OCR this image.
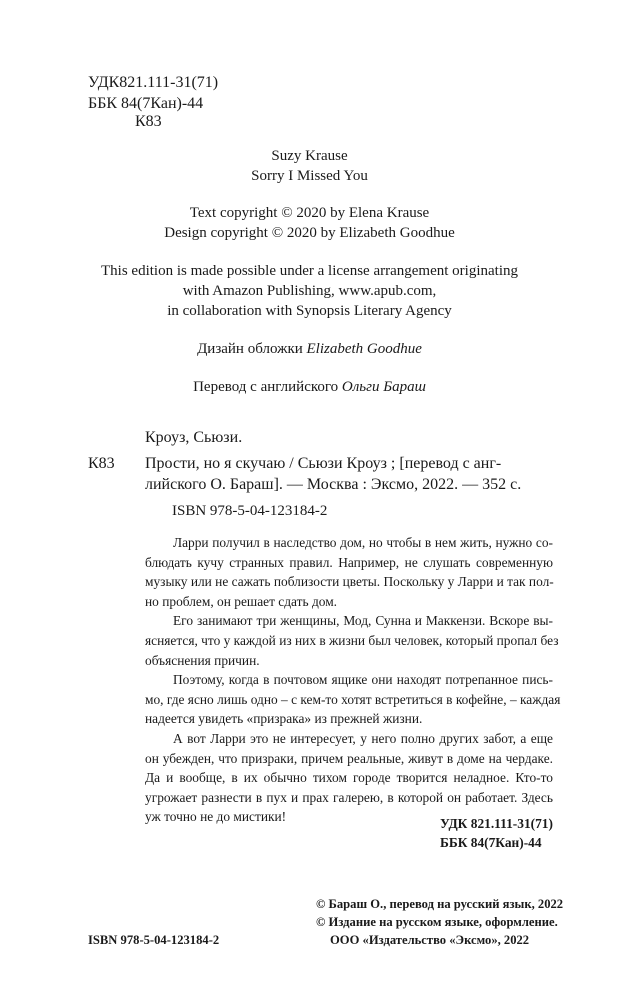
УДК821.111-31(71)
ББК 84(7Кан)-44
К83
Suzy Krause
Sorry I Missed You
Text copyright © 2020 by Elena Krause
Design copyright © 2020 by Elizabeth Goodhue
This edition is made possible under a license arrangement originating
with Amazon Publishing, www.apub.com,
in collaboration with Synopsis Literary Agency
Дизайн обложки Elizabeth Goodhue
Перевод с английского Ольги Бараш
Кроуз, Сьюзи.
К83 Прости, но я скучаю / Сьюзи Кроуз ; [перевод с анг-
лийского О. Бараш]. — Москва : Эксмо, 2022. — 352 с.
ISBN 978-5-04-123184-2

Ларри получил в наследство дом, но чтобы в нем жить, нужно со- блюдать кучу странных правил. Например, не слушать современную музыку или не сажать поблизости цветы. Поскольку у Ларри и так пол- но проблем, он решает сдать дом.

Его занимают три женщины, Мод, Сунна и Маккензи. Вскоре вы- ясняется, что у каждой из них в жизни был человек, который пропал без объяснения причин.

Поэтому, когда в почтовом ящике они находят потрепанное пись- мо, где ясно лишь одно – с кем-то хотят встретиться в кофейне, – каждая надеется увидеть «призрака» из прежней жизни.

А вот Ларри это не интересует, у него полно других забот, а еще он убежден, что призраки, причем реальные, живут в доме на чердаке. Да и вообще, в их обычно тихом городе творится неладное. Кто-то угрожает разнести в пух и прах галерею, в которой он работает. Здесь уж точно не до мистики!	УДК 821.111-31(71)
ББК 84(7Кан)-44
© Бараш О., перевод на русский язык, 2022
© Издание на русском языке, оформление.
ISBN 978-5-04-123184-2	ООО «Издательство «Эксмо», 2022
